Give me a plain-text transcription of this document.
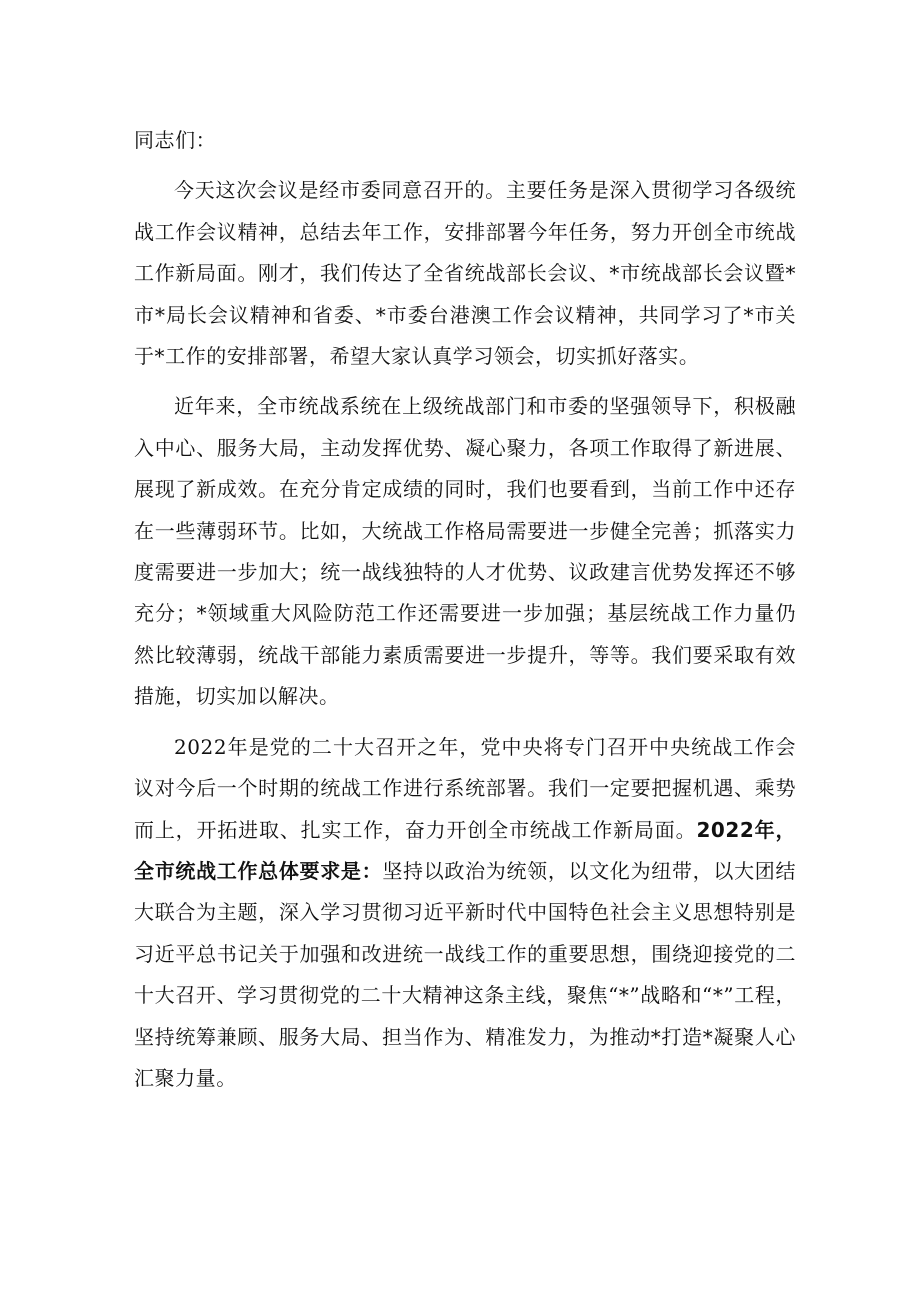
同志们：

今天这次会议是经市委同意召开的。主要任务是深入贯彻学习各级统战工作会议精神，总结去年工作，安排部署今年任务，努力开创全市统战工作新局面。刚才，我们传达了全省统战部长会议、*市统战部长会议暨*市*局长会议精神和省委、*市委台港澳工作会议精神，共同学习了*市关于*工作的安排部署，希望大家认真学习领会，切实抓好落实。

近年来，全市统战系统在上级统战部门和市委的坚强领导下，积极融入中心、服务大局，主动发挥优势、凝心聚力，各项工作取得了新进展、展现了新成效。在充分肯定成绩的同时，我们也要看到，当前工作中还存在一些薄弱环节。比如，大统战工作格局需要进一步健全完善；抓落实力度需要进一步加大；统一战线独特的人才优势、议政建言优势发挥还不够充分；*领域重大风险防范工作还需要进一步加强；基层统战工作力量仍然比较薄弱，统战干部能力素质需要进一步提升，等等。我们要采取有效措施，切实加以解决。

2022年是党的二十大召开之年，党中央将专门召开中央统战工作会议对今后一个时期的统战工作进行系统部署。我们一定要把握机遇、乘势而上，开拓进取、扎实工作，奋力开创全市统战工作新局面。2022年，全市统战工作总体要求是：坚持以政治为统领，以文化为纽带，以大团结大联合为主题，深入学习贯彻习近平新时代中国特色社会主义思想特别是习近平总书记关于加强和改进统一战线工作的重要思想，围绕迎接党的二十大召开、学习贯彻党的二十大精神这条主线，聚焦“*”战略和“*”工程，坚持统筹兼顾、服务大局、担当作为、精准发力，为推动*打造*凝聚人心汇聚力量。
